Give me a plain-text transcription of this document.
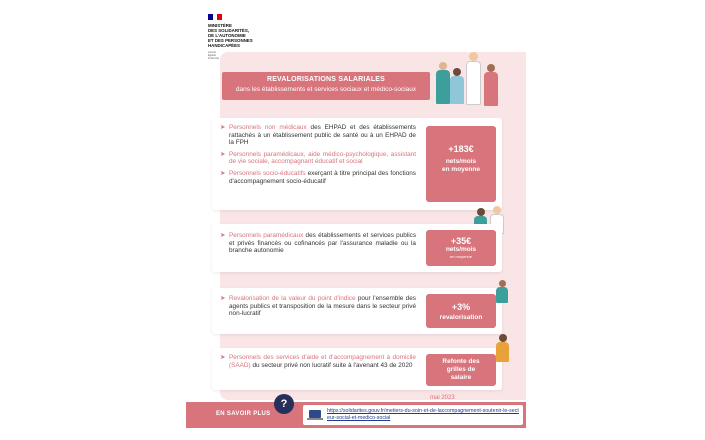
MINISTÈRE
DES SOLIDARITÉS,
DE L'AUTONOMIE
ET DES PERSONNES
HANDICAPÉES
Liberté
Égalité
Fraternité
REVALORISATIONS SALARIALES
dans les établissements et services sociaux et médico-sociaux
➤ Personnels non médicaux des EHPAD et des établissements rattachés à un établissement public de santé ou à un EHPAD de la FPH
➤ Personnels paramédicaux, aide médico-psychologique, assistant de vie sociale, accompagnant éducatif et social
➤ Personnels socio-éducatifs exerçant à titre principal des fonctions d'accompagnement socio-éducatif
+183€
nets/mois
en moyenne
➤ Personnels paramédicaux des établissements et services publics et privés financés ou cofinancés par l'assurance maladie ou la branche autonomie
+35€
nets/mois
en moyenne
➤ Revalorisation de la valeur du point d'indice pour l'ensemble des agents publics et transposition de la mesure dans le secteur privé non-lucratif
+3%
revalorisation
➤ Personnels des services d'aide et d'accompagnement à domicile (SAAD) du secteur privé non lucratif suite à l'avenant 43 de 2020
Refonte des grilles de salaire
mai 2023
EN SAVOIR PLUS
?
https://solidarites.gouv.fr/metiers-du-soin-et-de-laccompagnement-soutenir-le-secteur-social-et-medico-social
